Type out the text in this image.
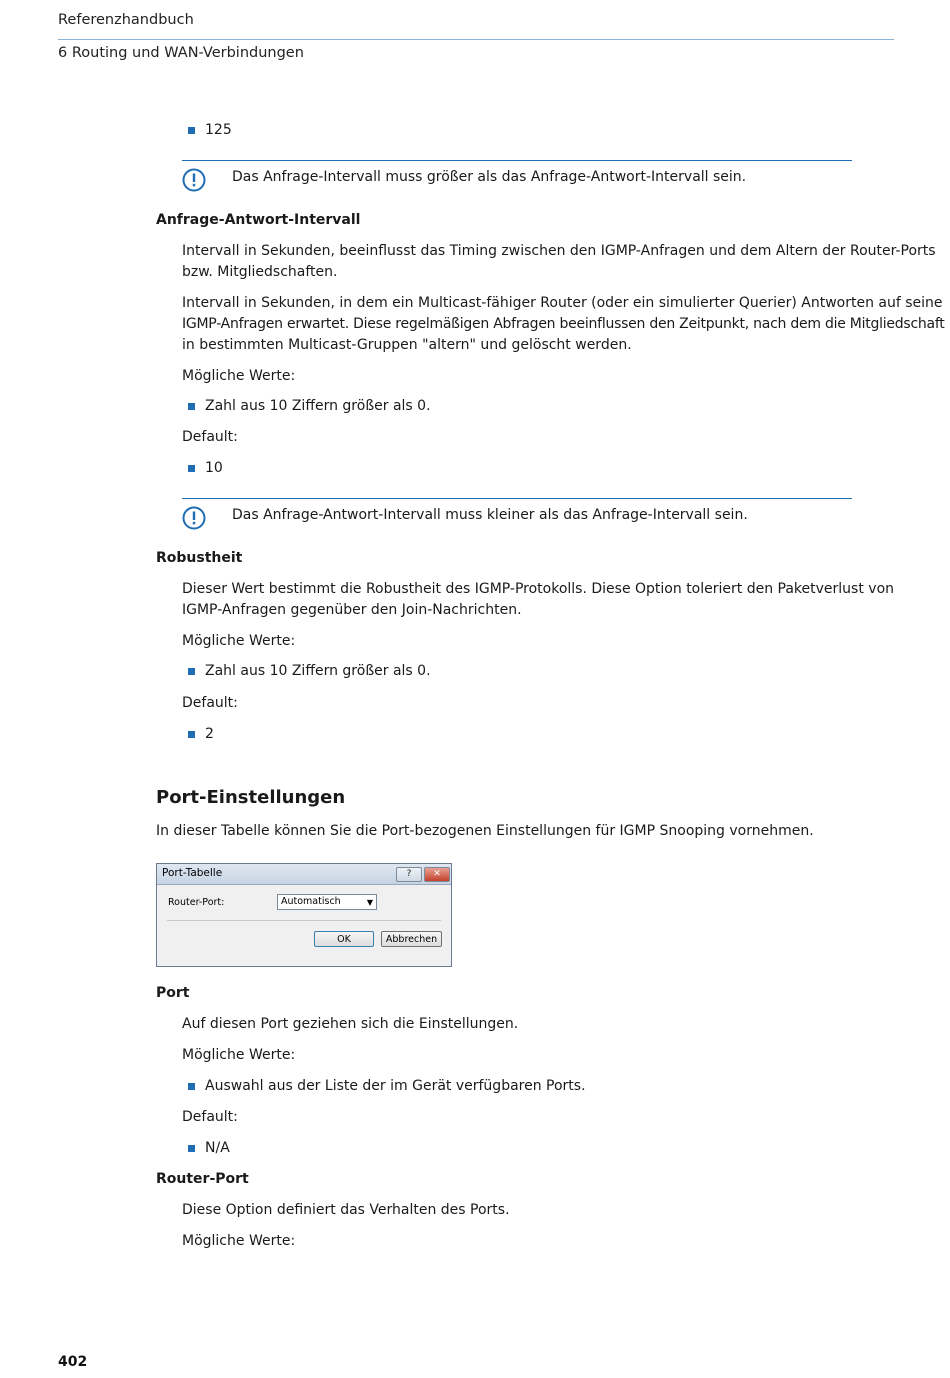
Referenzhandbuch
6 Routing und WAN-Verbindungen
125
Das Anfrage-Intervall muss größer als das Anfrage-Antwort-Intervall sein.
Anfrage-Antwort-Intervall
Intervall in Sekunden, beeinflusst das Timing zwischen den IGMP-Anfragen und dem Altern der Router-Ports
bzw. Mitgliedschaften.
Intervall in Sekunden, in dem ein Multicast-fähiger Router (oder ein simulierter Querier) Antworten auf seine
IGMP-Anfragen erwartet. Diese regelmäßigen Abfragen beeinflussen den Zeitpunkt, nach dem die Mitgliedschaft
in bestimmten Multicast-Gruppen "altern" und gelöscht werden.
Mögliche Werte:
Zahl aus 10 Ziffern größer als 0.
Default:
10
Das Anfrage-Antwort-Intervall muss kleiner als das Anfrage-Intervall sein.
Robustheit
Dieser Wert bestimmt die Robustheit des IGMP-Protokolls. Diese Option toleriert den Paketverlust von
IGMP-Anfragen gegenüber den Join-Nachrichten.
Mögliche Werte:
Zahl aus 10 Ziffern größer als 0.
Default:
2
Port-Einstellungen
In dieser Tabelle können Sie die Port-bezogenen Einstellungen für IGMP Snooping vornehmen.
Port-Tabelle	?	✕
Router-Port:	Automatisch	▼
OK	Abbrechen
Port
Auf diesen Port geziehen sich die Einstellungen.
Mögliche Werte:
Auswahl aus der Liste der im Gerät verfügbaren Ports.
Default:
N/A
Router-Port
Diese Option definiert das Verhalten des Ports.
Mögliche Werte:
402
